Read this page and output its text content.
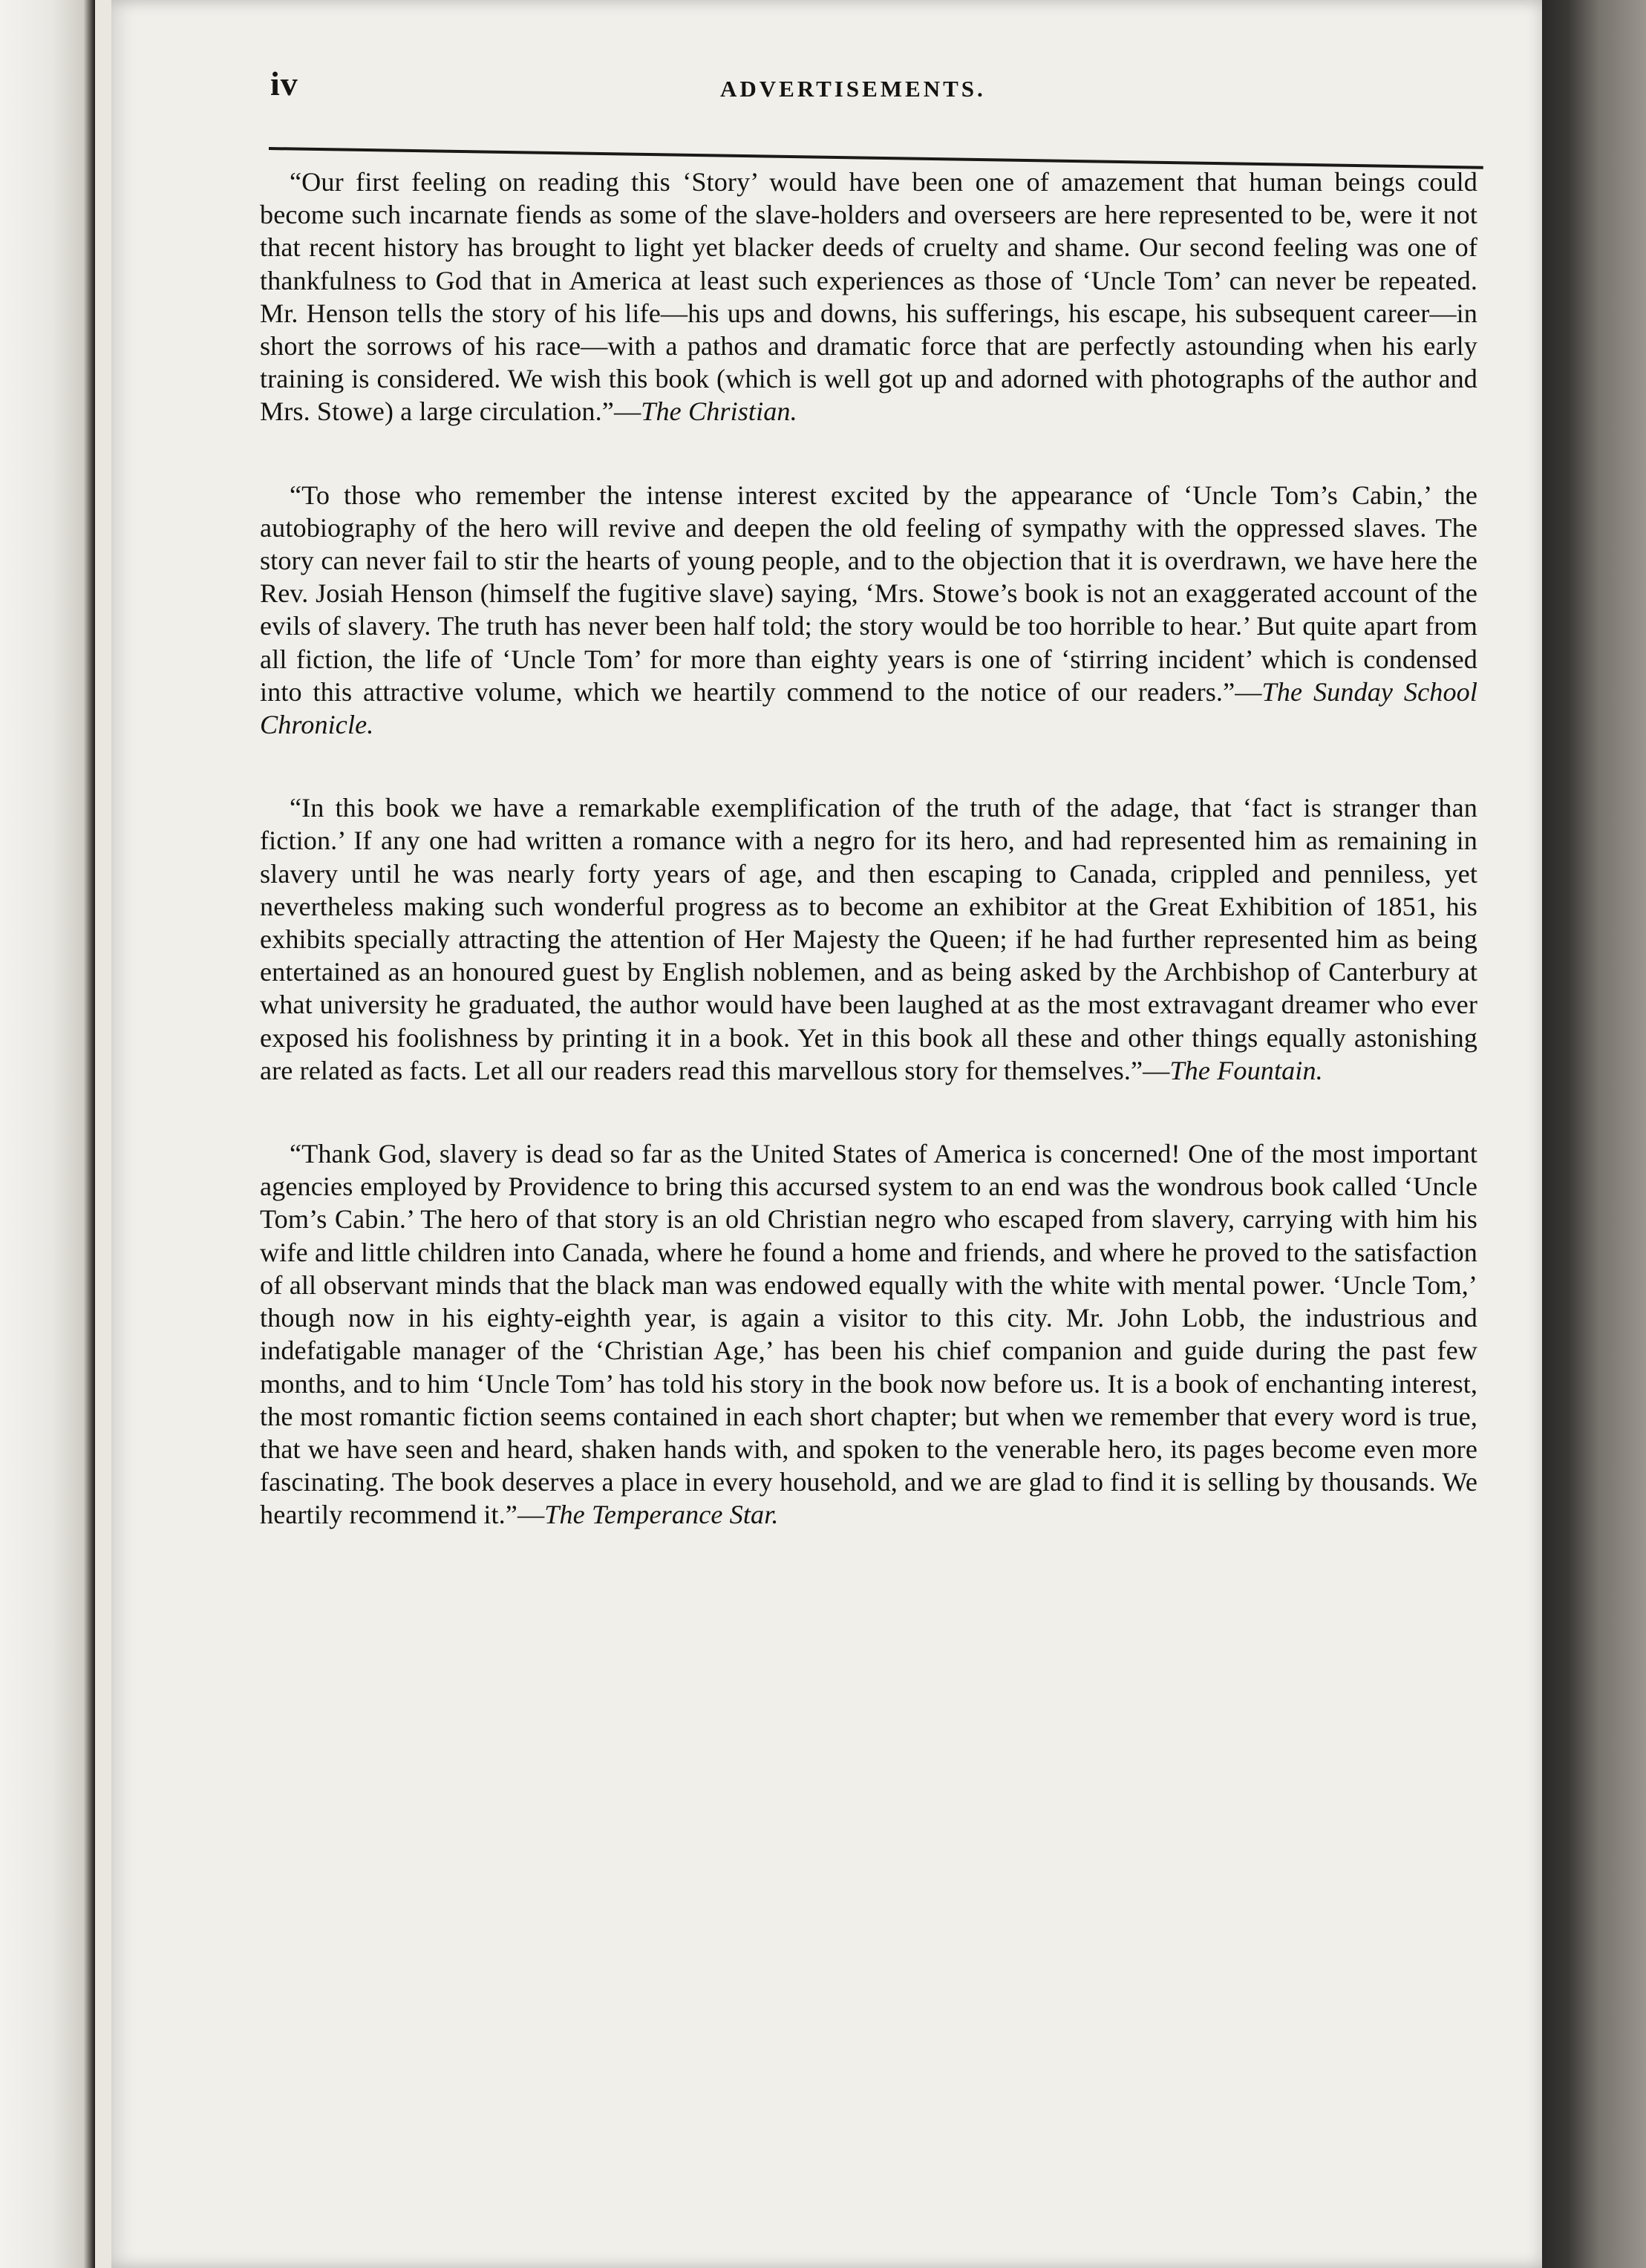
iv	ADVERTISEMENTS.

“Our first feeling on reading this ‘Story’ would have been one of amazement that human beings could become such incarnate fiends as some of the slave-holders and overseers are here represented to be, were it not that recent history has brought to light yet blacker deeds of cruelty and shame. Our second feeling was one of thankfulness to God that in America at least such experiences as those of ‘Uncle Tom’ can never be repeated. Mr. Henson tells the story of his life—his ups and downs, his sufferings, his escape, his subsequent career—in short the sorrows of his race—with a pathos and dramatic force that are perfectly astounding when his early training is considered. We wish this book (which is well got up and adorned with photographs of the author and Mrs. Stowe) a large circulation.”—The Christian.

“To those who remember the intense interest excited by the appearance of ‘Uncle Tom’s Cabin,’ the autobiography of the hero will revive and deepen the old feeling of sympathy with the oppressed slaves. The story can never fail to stir the hearts of young people, and to the objection that it is overdrawn, we have here the Rev. Josiah Henson (himself the fugitive slave) saying, ‘Mrs. Stowe’s book is not an exaggerated account of the evils of slavery. The truth has never been half told; the story would be too horrible to hear.’ But quite apart from all fiction, the life of ‘Uncle Tom’ for more than eighty years is one of ‘stirring incident’ which is condensed into this attractive volume, which we heartily commend to the notice of our readers.”—The Sunday School Chronicle.

“In this book we have a remarkable exemplification of the truth of the adage, that ‘fact is stranger than fiction.’ If any one had written a romance with a negro for its hero, and had represented him as remaining in slavery until he was nearly forty years of age, and then escaping to Canada, crippled and penniless, yet nevertheless making such wonderful progress as to become an exhibitor at the Great Exhibition of 1851, his exhibits specially attracting the attention of Her Majesty the Queen; if he had further represented him as being entertained as an honoured guest by English noblemen, and as being asked by the Archbishop of Canterbury at what university he graduated, the author would have been laughed at as the most extravagant dreamer who ever exposed his foolishness by printing it in a book. Yet in this book all these and other things equally astonishing are related as facts. Let all our readers read this marvellous story for themselves.”—The Fountain.

“Thank God, slavery is dead so far as the United States of America is concerned! One of the most important agencies employed by Providence to bring this accursed system to an end was the wondrous book called ‘Uncle Tom’s Cabin.’ The hero of that story is an old Christian negro who escaped from slavery, carrying with him his wife and little children into Canada, where he found a home and friends, and where he proved to the satisfaction of all observant minds that the black man was endowed equally with the white with mental power. ‘Uncle Tom,’ though now in his eighty-eighth year, is again a visitor to this city. Mr. John Lobb, the industrious and indefatigable manager of the ‘Christian Age,’ has been his chief companion and guide during the past few months, and to him ‘Uncle Tom’ has told his story in the book now before us. It is a book of enchanting interest, the most romantic fiction seems contained in each short chapter; but when we remember that every word is true, that we have seen and heard, shaken hands with, and spoken to the venerable hero, its pages become even more fascinating. The book deserves a place in every household, and we are glad to find it is selling by thousands. We heartily recommend it.”—The Temperance Star.
